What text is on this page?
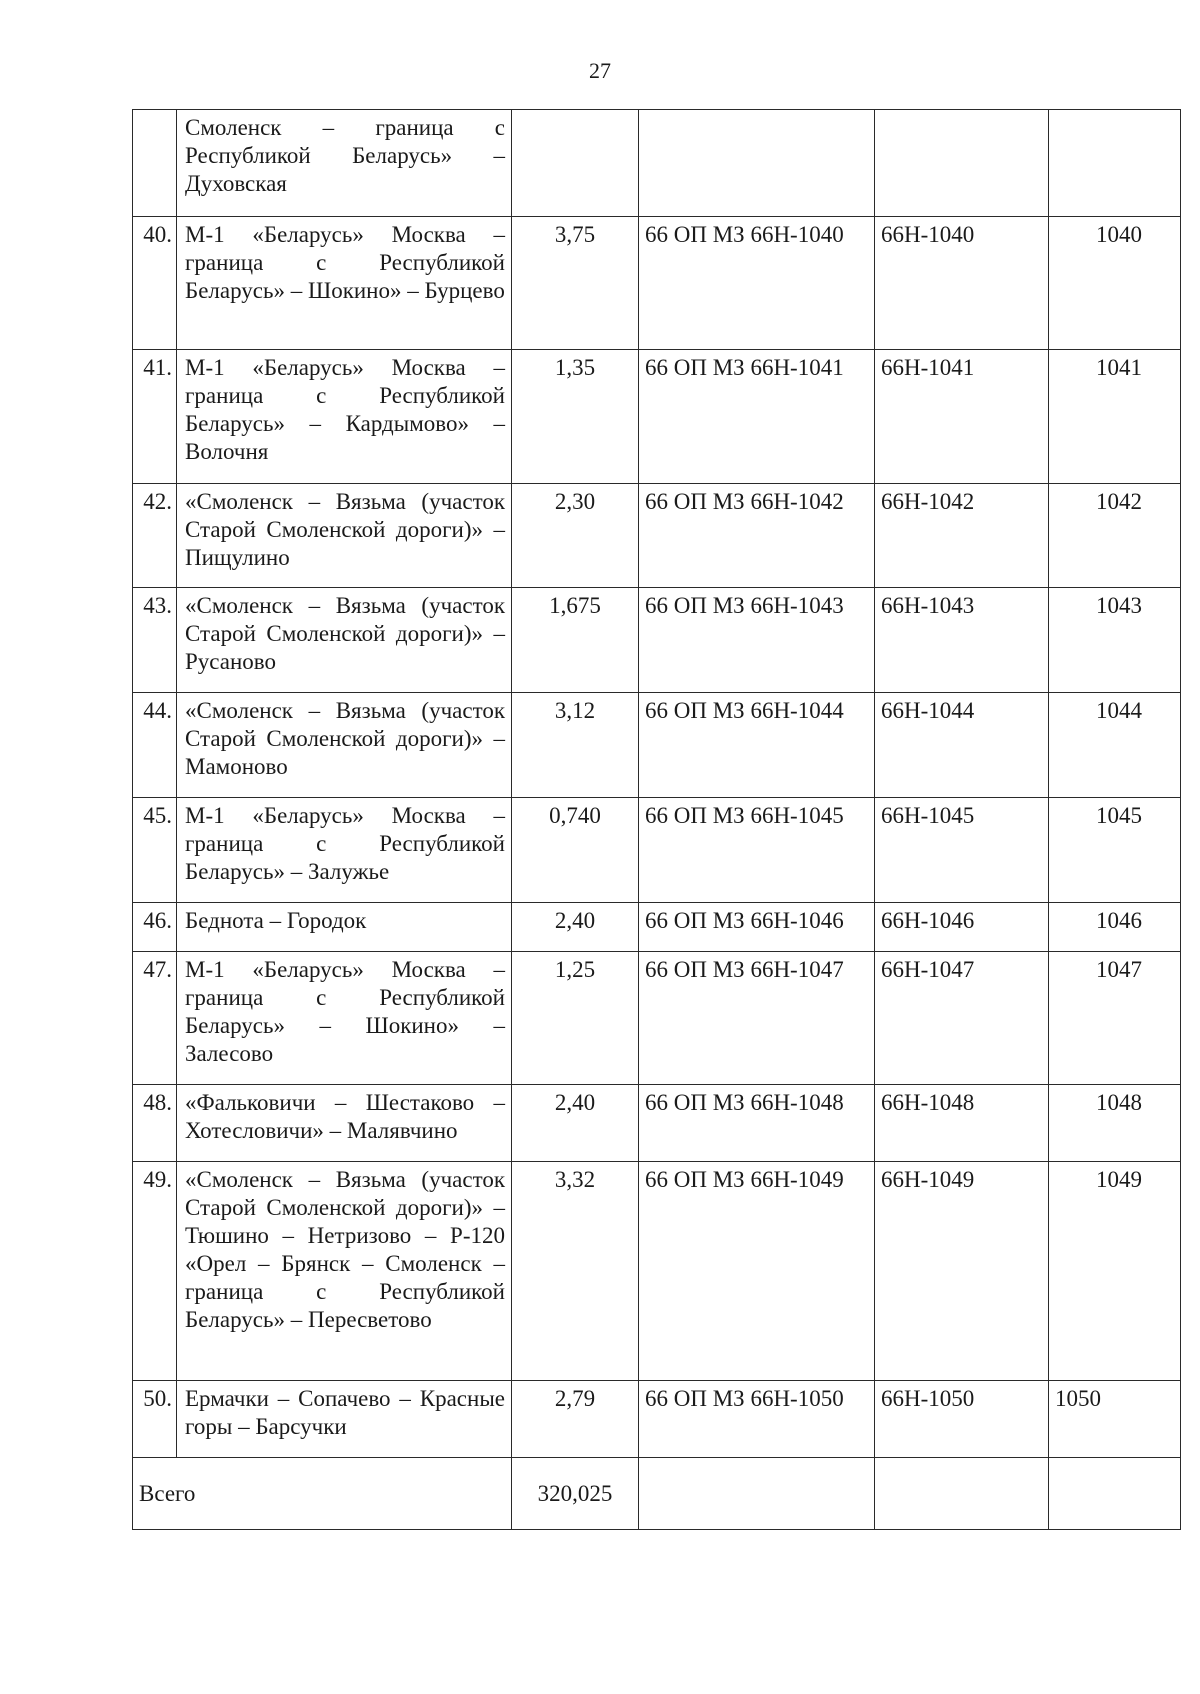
27
	Смоленск – граница с Республикой Беларусь» – Духовская				
40.	М-1 «Беларусь» Москва – граница с Республикой Беларусь» – Шокино» – Бурцево	3,75	66 ОП МЗ 66Н-1040	66Н-1040	1040
41.	М-1 «Беларусь» Москва – граница с Республикой Беларусь» – Кардымово» – Волочня	1,35	66 ОП МЗ 66Н-1041	66Н-1041	1041
42.	«Смоленск – Вязьма (участок Старой Смоленской дороги)» – Пищулино	2,30	66 ОП МЗ 66Н-1042	66Н-1042	1042
43.	«Смоленск – Вязьма (участок Старой Смоленской дороги)» – Русаново	1,675	66 ОП МЗ 66Н-1043	66Н-1043	1043
44.	«Смоленск – Вязьма (участок Старой Смоленской дороги)» – Мамоново	3,12	66 ОП МЗ 66Н-1044	66Н-1044	1044
45.	М-1 «Беларусь» Москва – граница с Республикой Беларусь» – Залужье	0,740	66 ОП МЗ 66Н-1045	66Н-1045	1045
46.	Беднота – Городок	2,40	66 ОП МЗ 66Н-1046	66Н-1046	1046
47.	М-1 «Беларусь» Москва – граница с Республикой Беларусь» – Шокино» – Залесово	1,25	66 ОП МЗ 66Н-1047	66Н-1047	1047
48.	«Фальковичи – Шестаково – Хотесловичи» – Малявчино	2,40	66 ОП МЗ 66Н-1048	66Н-1048	1048
49.	«Смоленск – Вязьма (участок Старой Смоленской дороги)» – Тюшино – Нетризово – Р-120 «Орел – Брянск – Смоленск – граница с Республикой Беларусь» – Пересветово	3,32	66 ОП МЗ 66Н-1049	66Н-1049	1049
50.	Ермачки – Сопачево – Красные горы – Барсучки	2,79	66 ОП МЗ 66Н-1050	66Н-1050	1050
Всего		320,025			
